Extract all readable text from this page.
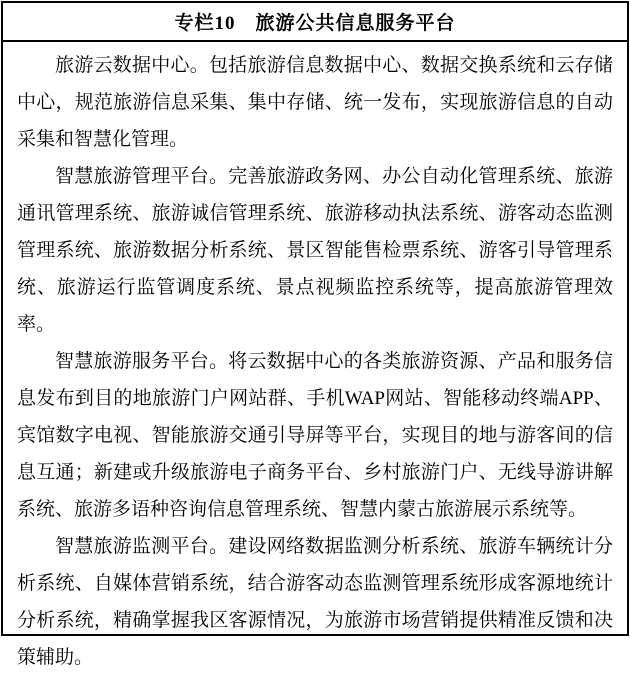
专栏10　旅游公共信息服务平台

旅游云数据中心。包括旅游信息数据中心、数据交换系统和云存储中心，规范旅游信息采集、集中存储、统一发布，实现旅游信息的自动采集和智慧化管理。

智慧旅游管理平台。完善旅游政务网、办公自动化管理系统、旅游通讯管理系统、旅游诚信管理系统、旅游移动执法系统、游客动态监测管理系统、旅游数据分析系统、景区智能售检票系统、游客引导管理系统、旅游运行监管调度系统、景点视频监控系统等，提高旅游管理效率。

智慧旅游服务平台。将云数据中心的各类旅游资源、产品和服务信息发布到目的地旅游门户网站群、手机WAP网站、智能移动终端APP、宾馆数字电视、智能旅游交通引导屏等平台，实现目的地与游客间的信息互通；新建或升级旅游电子商务平台、乡村旅游门户、无线导游讲解系统、旅游多语种咨询信息管理系统、智慧内蒙古旅游展示系统等。

智慧旅游监测平台。建设网络数据监测分析系统、旅游车辆统计分析系统、自媒体营销系统，结合游客动态监测管理系统形成客源地统计分析系统，精确掌握我区客源情况，为旅游市场营销提供精准反馈和决策辅助。
